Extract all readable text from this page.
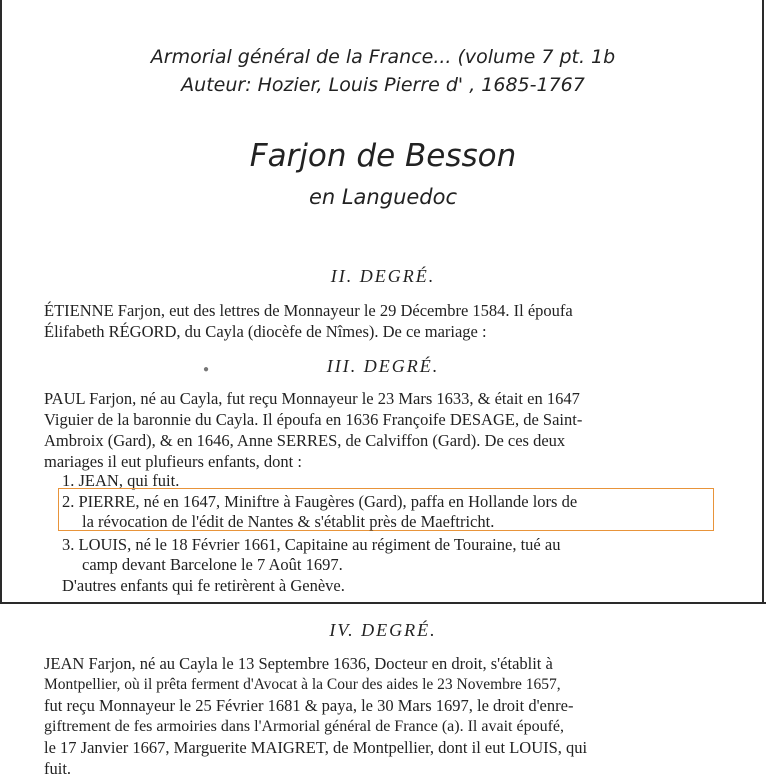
Armorial général de la France... (volume 7 pt. 1b
Auteur: Hozier, Louis Pierre d' , 1685-1767
Farjon de Besson
en Languedoc
II. DEGRÉ.
ÉTIENNE Farjon, eut des lettres de Monnayeur le 29 Décembre 1584. Il époufa
Élifabeth RÉGORD, du Cayla (diocèfe de Nîmes). De ce mariage :
●	III. DEGRÉ.
PAUL Farjon, né au Cayla, fut reçu Monnayeur le 23 Mars 1633, & était en 1647
Viguier de la baronnie du Cayla. Il époufa en 1636 Françoife DESAGE, de Saint-
Ambroix (Gard), & en 1646, Anne SERRES, de Calviffon (Gard). De ces deux
mariages il eut plufieurs enfants, dont :
1. JEAN, qui fuit.
2. PIERRE, né en 1647, Miniftre à Faugères (Gard), paffa en Hollande lors de
la révocation de l'édit de Nantes & s'établit près de Maeftricht.
3. LOUIS, né le 18 Février 1661, Capitaine au régiment de Touraine, tué au
camp devant Barcelone le 7 Août 1697.
D'autres enfants qui fe retirèrent à Genève.
IV. DEGRÉ.
JEAN Farjon, né au Cayla le 13 Septembre 1636, Docteur en droit, s'établit à
Montpellier, où il prêta ferment d'Avocat à la Cour des aides le 23 Novembre 1657,
fut reçu Monnayeur le 25 Février 1681 & paya, le 30 Mars 1697, le droit d'enre-
giftrement de fes armoiries dans l'Armorial général de France (a). Il avait époufé,
le 17 Janvier 1667, Marguerite MAIGRET, de Montpellier, dont il eut LOUIS, qui
fuit.
